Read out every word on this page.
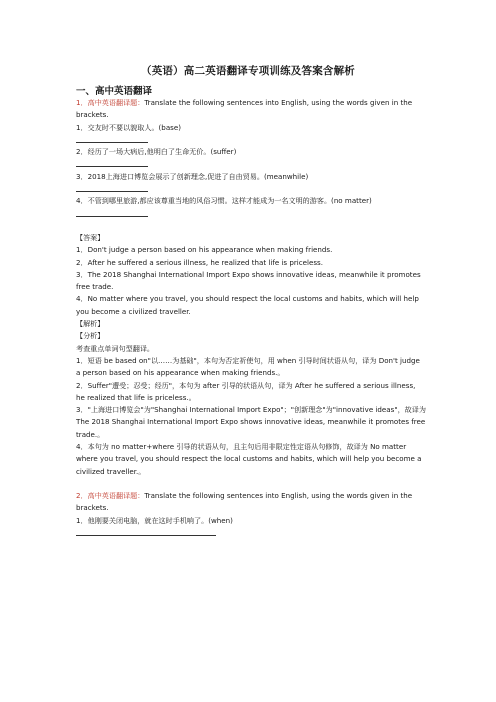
（英语）高二英语翻译专项训练及答案含解析
一、高中英语翻译

1．高中英语翻译题：Translate the following sentences into English, using the words given in the brackets.

1．交友时不要以貌取人。(base)

2．经历了一场大病后,他明白了生命无价。(suffer)

3．2018上海进口博览会展示了创新理念,促进了自由贸易。(meanwhile)

4．不管到哪里旅游,都应该尊重当地的风俗习惯。这样才能成为一名文明的游客。(no matter)

【答案】

1．Don't judge a person based on his appearance when making friends.

2．After he suffered a serious illness, he realized that life is priceless.

3．The 2018 Shanghai International Import Expo shows innovative ideas, meanwhile it promotes free trade.

4．No matter where you travel, you should respect the local customs and habits, which will help you become a civilized traveller.

【解析】

【分析】

考查重点单词句型翻译。

1．短语 be based on"以……为基础"，本句为否定祈使句，用 when 引导时间状语从句，译为 Don't judge a person based on his appearance when making friends.。

2．Suffer"遭受；忍受；经历"，本句为 after 引导的状语从句，译为 After he suffered a serious illness, he realized that life is priceless.。

3．"上海进口博览会"为"Shanghai International Import Expo"；"创新理念"为"innovative ideas"，故译为 The 2018 Shanghai International Import Expo shows innovative ideas, meanwhile it promotes free trade.。

4．本句为 no matter+where 引导的状语从句，且主句后用非限定性定语从句修饰，故译为 No matter where you travel, you should respect the local customs and habits, which will help you become a civilized traveller.。

2．高中英语翻译题：Translate the following sentences into English, using the words given in the brackets.

1．他刚要关闭电脑，就在这时手机响了。(when)
